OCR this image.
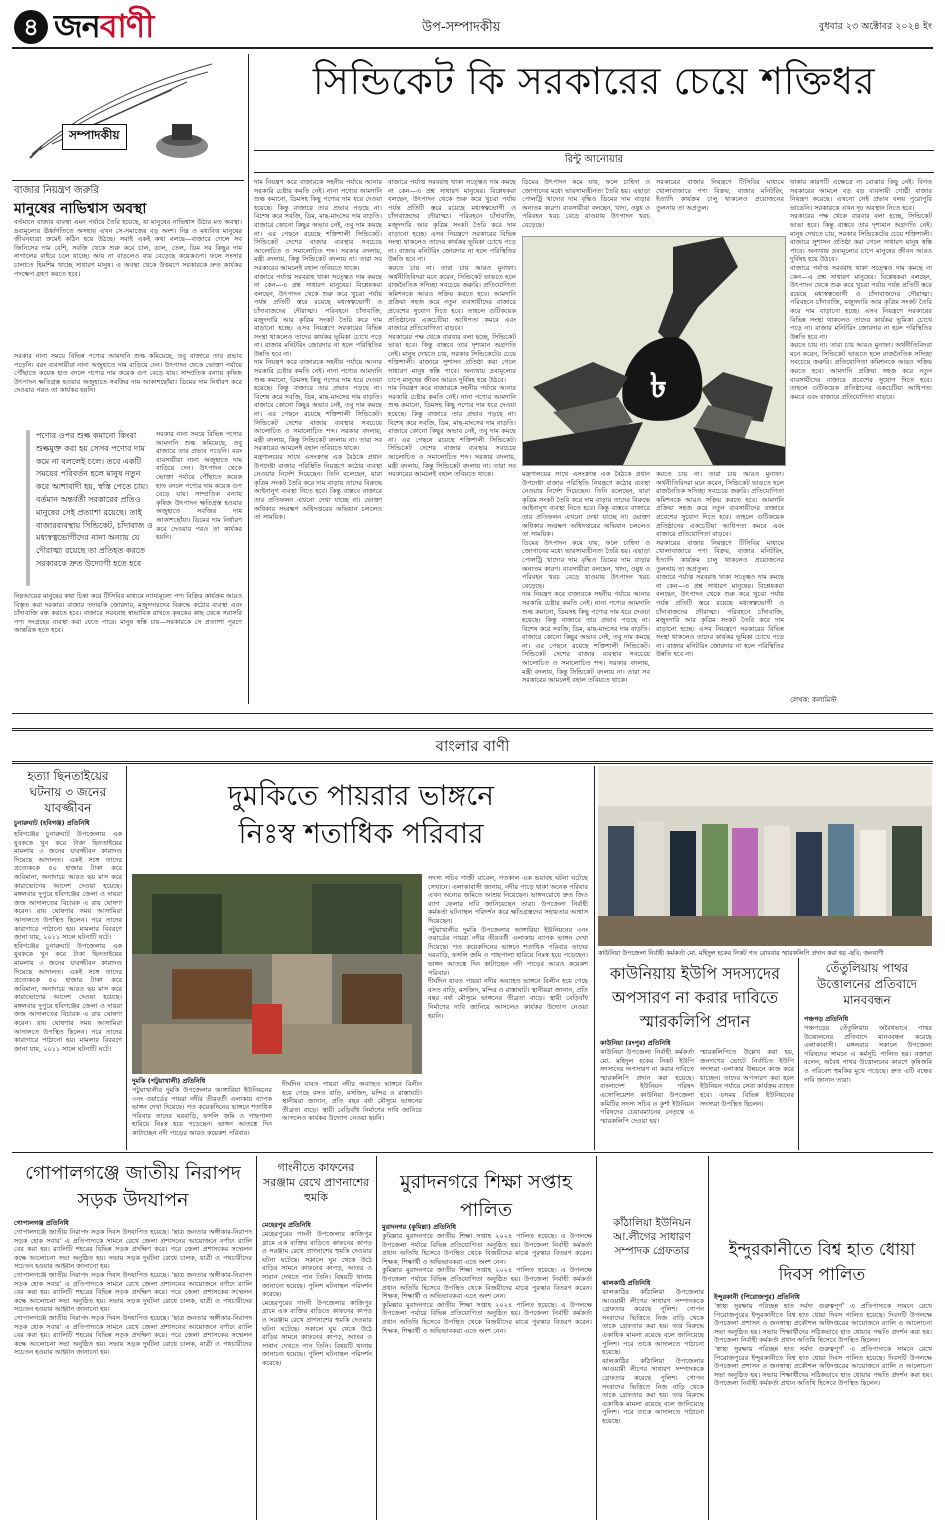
৪ জনবাণী	উপ-সম্পাদকীয়	বুধবার ২৩ অক্টোবর ২০২৪ ইং
সম্পাদকীয়
বাজার নিয়ন্ত্রণ জরুরি
মানুষের নাভিশ্বাস অবস্থা

বর্তমানে বাজার ব্যবস্থা এমন পর্যায়ে তৈরি হয়েছে, যা মানুষের নাভিশ্বাস উঠার মত অবস্থা। দ্রব্যমূল্যের ঊর্ধ্বগতিতে অসহায় এখন সে-সমাজের বড় অংশ। নিম্ন ও মধ্যবিত্ত মানুষের জীবনযাত্রা ক্রমেই কঠিন হয়ে উঠছে। সবাই একই কথা বলছে—বাজারে গেলে সব জিনিসের দাম বেশি, সবজি থেকে শুরু করে চাল, ডাল, তেল, ডিম সব কিছুর দাম নাগালের বাইরে চলে যাচ্ছে। আয় না বাড়লেও ব্যয় বেড়েছে কয়েকগুণ। ফলে সংসার চালাতে হিমশিম খাচ্ছে সাধারণ মানুষ। এ অবস্থা থেকে উত্তরণে সরকারকে দ্রুত কার্যকর পদক্ষেপ গ্রহণ করতে হবে।

সরকার নানা সময়ে বিভিন্ন পণ্যের আমদানি শুল্ক কমিয়েছে, তবু বাজারে তার প্রভাব পড়েনি। বরং ব্যবসায়ীরা নানা অজুহাতে দাম বাড়িয়ে দেন। উৎপাদন থেকে ভোক্তা পর্যায়ে পৌঁছাতে কয়েক হাত বদলে পণ্যের দাম কয়েক গুণ বেড়ে যায়। সাম্প্রতিক বন্যায় কৃষিজ উৎপাদন ক্ষতিগ্রস্ত হওয়ার অজুহাতে সবজির দাম আকাশছোঁয়া। ডিমের দাম নির্ধারণ করে দেওয়ার পরও তা কার্যকর হয়নি।

পণ্যের ওপর শুল্ক কমানো কিংবা শুল্কমুক্ত করা হয় সেসব পণ্যের দাম কমে না বললেই চলে। তবে একটি সময়ের পরিবর্তন হলে মানুষ নতুন করে আশাবাদী হয়, স্বস্তি পেতে চায়। বর্তমান অন্তর্বর্তী সরকারের প্রতিও মানুষের সেই প্রত্যাশা রয়েছে। তাই বাজারব্যবস্থায় সিন্ডিকেট, চাঁদাবাজ ও মধ্যস্বত্বভোগীদের নানা অন্যায় যে দৌরাত্ম্য রয়েছে তা প্রতিহত করতে সরকারকে দ্রুত উদ্যোগী হতে হবে

সরকার নানা সময়ে বিভিন্ন পণ্যের আমদানি শুল্ক কমিয়েছে, তবু বাজারে তার প্রভাব পড়েনি। বরং ব্যবসায়ীরা নানা অজুহাতে দাম বাড়িয়ে দেন। উৎপাদন থেকে ভোক্তা পর্যায়ে পৌঁছাতে কয়েক হাত বদলে পণ্যের দাম কয়েক গুণ বেড়ে যায়। সাম্প্রতিক বন্যায় কৃষিজ উৎপাদন ক্ষতিগ্রস্ত হওয়ার অজুহাতে সবজির দাম আকাশছোঁয়া। ডিমের দাম নির্ধারণ করে দেওয়ার পরও তা কার্যকর হয়নি।

নিম্নআয়ের মানুষের কথা চিন্তা করে টিসিবির মাধ্যমে ন্যায্যমূল্যে পণ্য বিক্রির কার্যক্রম আরও বিস্তৃত করা দরকার। বাজার তদারকি জোরদার, মজুদদারদের বিরুদ্ধে কঠোর ব্যবস্থা এবং চাঁদাবাজি বন্ধ করতে হবে। বাজারে সরবরাহ স্বাভাবিক রাখতে কৃষকের কাছ থেকে সরাসরি পণ্য সংগ্রহের ব্যবস্থা করা যেতে পারে। মানুষ স্বস্তি চায়—সরকারকে সে প্রত্যাশা পূরণে আন্তরিক হতে হবে।

সিন্ডিকেট কি সরকারের চেয়ে শক্তিধর
রিন্টু আনোয়ার

দাম নিয়ন্ত্রণ করে বাজারকে সহনীয় পর্যায়ে আনার সরকারি চেষ্টার কমতি নেই। নানা পণ্যের আমদানি শুল্ক কমানো, ডিমসহ কিছু পণ্যের দাম ধরে দেওয়া হয়েছে। কিন্তু বাজারে তার প্রভাব পড়ছে না। বিশেষ করে সবজি, ডিম, মাছ-মাংসের দাম বাড়তি। বাজারে কোনো কিছুর অভাব নেই, তবু দাম কমছে না। এর পেছনে রয়েছে শক্তিশালী সিন্ডিকেট। সিন্ডিকেট দেশের বাজার ব্যবস্থার সবচেয়ে আলোচিত ও সমালোচিত শব্দ। সরকার বদলায়, মন্ত্রী বদলায়, কিন্তু সিন্ডিকেট বদলায় না। তারা সব সরকারের আমলেই বহাল তবিয়তে থাকে।

বাজারে পর্যাপ্ত সরবরাহ থাকা সত্ত্বেও দাম কমছে না কেন—এ প্রশ্ন সাধারণ মানুষের। বিশ্লেষকরা বলছেন, উৎপাদন থেকে শুরু করে খুচরা পর্যায় পর্যন্ত প্রতিটি স্তরে রয়েছে মধ্যস্বত্বভোগী ও চাঁদাবাজদের দৌরাত্ম্য। পরিবহনে চাঁদাবাজি, মজুদদারি আর কৃত্রিম সংকট তৈরি করে দাম বাড়ানো হচ্ছে। এসব নিয়ন্ত্রণে সরকারের বিভিন্ন সংস্থা থাকলেও তাদের কার্যকর ভূমিকা চোখে পড়ে না। বাজার মনিটরিং জোরদার না হলে পরিস্থিতির উন্নতি হবে না।

দাম নিয়ন্ত্রণ করে বাজারকে সহনীয় পর্যায়ে আনার সরকারি চেষ্টার কমতি নেই। নানা পণ্যের আমদানি শুল্ক কমানো, ডিমসহ কিছু পণ্যের দাম ধরে দেওয়া হয়েছে। কিন্তু বাজারে তার প্রভাব পড়ছে না। বিশেষ করে সবজি, ডিম, মাছ-মাংসের দাম বাড়তি। বাজারে কোনো কিছুর অভাব নেই, তবু দাম কমছে না। এর পেছনে রয়েছে শক্তিশালী সিন্ডিকেট। সিন্ডিকেট দেশের বাজার ব্যবস্থার সবচেয়ে আলোচিত ও সমালোচিত শব্দ। সরকার বদলায়, মন্ত্রী বদলায়, কিন্তু সিন্ডিকেট বদলায় না। তারা সব সরকারের আমলেই বহাল তবিয়তে থাকে।

মন্ত্রণালয়ের সাথে এসংক্রান্ত এক বৈঠকে প্রধান উপদেষ্টা বাজার পরিস্থিতি নিয়ন্ত্রণে কঠোর ব্যবস্থা নেওয়ার নির্দেশ দিয়েছেন। তিনি বলেছেন, যারা কৃত্রিম সংকট তৈরি করে দাম বাড়ায় তাদের বিরুদ্ধে আইনানুগ ব্যবস্থা নিতে হবে। কিন্তু বাস্তবে বাজারে তার প্রতিফলন এখনো দেখা যাচ্ছে না। ভোক্তা অধিকার সংরক্ষণ অধিদপ্তরের অভিযান চললেও তা সাময়িক।

বাজারে পর্যাপ্ত সরবরাহ থাকা সত্ত্বেও দাম কমছে না কেন—এ প্রশ্ন সাধারণ মানুষের। বিশ্লেষকরা বলছেন, উৎপাদন থেকে শুরু করে খুচরা পর্যায় পর্যন্ত প্রতিটি স্তরে রয়েছে মধ্যস্বত্বভোগী ও চাঁদাবাজদের দৌরাত্ম্য। পরিবহনে চাঁদাবাজি, মজুদদারি আর কৃত্রিম সংকট তৈরি করে দাম বাড়ানো হচ্ছে। এসব নিয়ন্ত্রণে সরকারের বিভিন্ন সংস্থা থাকলেও তাদের কার্যকর ভূমিকা চোখে পড়ে না। বাজার মনিটরিং জোরদার না হলে পরিস্থিতির উন্নতি হবে না।

করতে চায় না। তারা চায় আরও মুনাফা। অর্থনীতিবিদরা মনে করেন, সিন্ডিকেট ভাঙতে হলে রাজনৈতিক সদিচ্ছা সবচেয়ে জরুরি। প্রতিযোগিতা কমিশনকে আরও সক্রিয় করতে হবে। আমদানি প্রক্রিয়া সহজ করে নতুন ব্যবসায়ীদের বাজারে প্রবেশের সুযোগ দিতে হবে। তাহলে গুটিকয়েক প্রতিষ্ঠানের একচেটিয়া আধিপত্য কমবে এবং বাজারে প্রতিযোগিতা বাড়বে।

সরকারের পক্ষ থেকে বারবার বলা হচ্ছে, সিন্ডিকেট ভাঙা হবে। কিন্তু বাস্তবে তার দৃশ্যমান অগ্রগতি নেই। মানুষ দেখতে চায়, সরকার সিন্ডিকেটের চেয়ে শক্তিশালী। বাজারে সুশাসন প্রতিষ্ঠা করা গেলে সাধারণ মানুষ স্বস্তি পাবে। অন্যথায় দ্রব্যমূল্যের চাপে মানুষের জীবন আরও দুর্বিষহ হয়ে উঠবে।

দাম নিয়ন্ত্রণ করে বাজারকে সহনীয় পর্যায়ে আনার সরকারি চেষ্টার কমতি নেই। নানা পণ্যের আমদানি শুল্ক কমানো, ডিমসহ কিছু পণ্যের দাম ধরে দেওয়া হয়েছে। কিন্তু বাজারে তার প্রভাব পড়ছে না। বিশেষ করে সবজি, ডিম, মাছ-মাংসের দাম বাড়তি। বাজারে কোনো কিছুর অভাব নেই, তবু দাম কমছে না। এর পেছনে রয়েছে শক্তিশালী সিন্ডিকেট। সিন্ডিকেট দেশের বাজার ব্যবস্থার সবচেয়ে আলোচিত ও সমালোচিত শব্দ। সরকার বদলায়, মন্ত্রী বদলায়, কিন্তু সিন্ডিকেট বদলায় না। তারা সব সরকারের আমলেই বহাল তবিয়তে থাকে।

ডিমের উৎপাদন কমে যায়, ফলে চাহিদা ও জোগানের মধ্যে ভারসাম্যহীনতা তৈরি হয়। এছাড়া পোলট্রি খাদ্যের দাম বৃদ্ধিও ডিমের দাম বাড়ার অন্যতম কারণ। ব্যবসায়ীরা বলছেন, খাদ্য, ওষুধ ও পরিবহন খরচ বেড়ে যাওয়ায় উৎপাদন খরচ বেড়েছে।

সরকারের বাজার নিয়ন্ত্রণে টিসিবির মাধ্যমে খোলাবাজারে পণ্য বিক্রয়, বাজার মনিটরিং, ইত্যাদি কার্যক্রম চালু থাকলেও প্রয়োজনের তুলনায় তা অপ্রতুল।

থাকার কারণটি এক্ষেত্রে না বোঝার কিছু নেই। বিগত সরকারের আমলে বড় বড় ব্যবসায়ী গোষ্ঠী বাজার নিয়ন্ত্রণ করেছে। এখনো সেই প্রভাব বলয় পুরোপুরি ভাঙেনি। সরকারকে এখন দৃঢ় অবস্থান নিতে হবে।

সরকারের পক্ষ থেকে বারবার বলা হচ্ছে, সিন্ডিকেট ভাঙা হবে। কিন্তু বাস্তবে তার দৃশ্যমান অগ্রগতি নেই। মানুষ দেখতে চায়, সরকার সিন্ডিকেটের চেয়ে শক্তিশালী। বাজারে সুশাসন প্রতিষ্ঠা করা গেলে সাধারণ মানুষ স্বস্তি পাবে। অন্যথায় দ্রব্যমূল্যের চাপে মানুষের জীবন আরও দুর্বিষহ হয়ে উঠবে।

বাজারে পর্যাপ্ত সরবরাহ থাকা সত্ত্বেও দাম কমছে না কেন—এ প্রশ্ন সাধারণ মানুষের। বিশ্লেষকরা বলছেন, উৎপাদন থেকে শুরু করে খুচরা পর্যায় পর্যন্ত প্রতিটি স্তরে রয়েছে মধ্যস্বত্বভোগী ও চাঁদাবাজদের দৌরাত্ম্য। পরিবহনে চাঁদাবাজি, মজুদদারি আর কৃত্রিম সংকট তৈরি করে দাম বাড়ানো হচ্ছে। এসব নিয়ন্ত্রণে সরকারের বিভিন্ন সংস্থা থাকলেও তাদের কার্যকর ভূমিকা চোখে পড়ে না। বাজার মনিটরিং জোরদার না হলে পরিস্থিতির উন্নতি হবে না।

করতে চায় না। তারা চায় আরও মুনাফা। অর্থনীতিবিদরা মনে করেন, সিন্ডিকেট ভাঙতে হলে রাজনৈতিক সদিচ্ছা সবচেয়ে জরুরি। প্রতিযোগিতা কমিশনকে আরও সক্রিয় করতে হবে। আমদানি প্রক্রিয়া সহজ করে নতুন ব্যবসায়ীদের বাজারে প্রবেশের সুযোগ দিতে হবে। তাহলে গুটিকয়েক প্রতিষ্ঠানের একচেটিয়া আধিপত্য কমবে এবং বাজারে প্রতিযোগিতা বাড়বে।

৳

মন্ত্রণালয়ের সাথে এসংক্রান্ত এক বৈঠকে প্রধান উপদেষ্টা বাজার পরিস্থিতি নিয়ন্ত্রণে কঠোর ব্যবস্থা নেওয়ার নির্দেশ দিয়েছেন। তিনি বলেছেন, যারা কৃত্রিম সংকট তৈরি করে দাম বাড়ায় তাদের বিরুদ্ধে আইনানুগ ব্যবস্থা নিতে হবে। কিন্তু বাস্তবে বাজারে তার প্রতিফলন এখনো দেখা যাচ্ছে না। ভোক্তা অধিকার সংরক্ষণ অধিদপ্তরের অভিযান চললেও তা সাময়িক।

ডিমের উৎপাদন কমে যায়, ফলে চাহিদা ও জোগানের মধ্যে ভারসাম্যহীনতা তৈরি হয়। এছাড়া পোলট্রি খাদ্যের দাম বৃদ্ধিও ডিমের দাম বাড়ার অন্যতম কারণ। ব্যবসায়ীরা বলছেন, খাদ্য, ওষুধ ও পরিবহন খরচ বেড়ে যাওয়ায় উৎপাদন খরচ বেড়েছে।

দাম নিয়ন্ত্রণ করে বাজারকে সহনীয় পর্যায়ে আনার সরকারি চেষ্টার কমতি নেই। নানা পণ্যের আমদানি শুল্ক কমানো, ডিমসহ কিছু পণ্যের দাম ধরে দেওয়া হয়েছে। কিন্তু বাজারে তার প্রভাব পড়ছে না। বিশেষ করে সবজি, ডিম, মাছ-মাংসের দাম বাড়তি। বাজারে কোনো কিছুর অভাব নেই, তবু দাম কমছে না। এর পেছনে রয়েছে শক্তিশালী সিন্ডিকেট। সিন্ডিকেট দেশের বাজার ব্যবস্থার সবচেয়ে আলোচিত ও সমালোচিত শব্দ। সরকার বদলায়, মন্ত্রী বদলায়, কিন্তু সিন্ডিকেট বদলায় না। তারা সব সরকারের আমলেই বহাল তবিয়তে থাকে।

করতে চায় না। তারা চায় আরও মুনাফা। অর্থনীতিবিদরা মনে করেন, সিন্ডিকেট ভাঙতে হলে রাজনৈতিক সদিচ্ছা সবচেয়ে জরুরি। প্রতিযোগিতা কমিশনকে আরও সক্রিয় করতে হবে। আমদানি প্রক্রিয়া সহজ করে নতুন ব্যবসায়ীদের বাজারে প্রবেশের সুযোগ দিতে হবে। তাহলে গুটিকয়েক প্রতিষ্ঠানের একচেটিয়া আধিপত্য কমবে এবং বাজারে প্রতিযোগিতা বাড়বে।

সরকারের বাজার নিয়ন্ত্রণে টিসিবির মাধ্যমে খোলাবাজারে পণ্য বিক্রয়, বাজার মনিটরিং, ইত্যাদি কার্যক্রম চালু থাকলেও প্রয়োজনের তুলনায় তা অপ্রতুল।

বাজারে পর্যাপ্ত সরবরাহ থাকা সত্ত্বেও দাম কমছে না কেন—এ প্রশ্ন সাধারণ মানুষের। বিশ্লেষকরা বলছেন, উৎপাদন থেকে শুরু করে খুচরা পর্যায় পর্যন্ত প্রতিটি স্তরে রয়েছে মধ্যস্বত্বভোগী ও চাঁদাবাজদের দৌরাত্ম্য। পরিবহনে চাঁদাবাজি, মজুদদারি আর কৃত্রিম সংকট তৈরি করে দাম বাড়ানো হচ্ছে। এসব নিয়ন্ত্রণে সরকারের বিভিন্ন সংস্থা থাকলেও তাদের কার্যকর ভূমিকা চোখে পড়ে না। বাজার মনিটরিং জোরদার না হলে পরিস্থিতির উন্নতি হবে না।

লেখক: কলামিস্ট
বাংলার বাণী
হত্যা ছিনতাইয়ের ঘটনায় ৩ জনের যাবজ্জীবন
চুনারুঘাট (হবিগঞ্জ) প্রতিনিধি

হবিগঞ্জের চুনারুঘাট উপজেলায় এক যুবককে খুন করে টাকা ছিনতাইয়ের মামলায় ৩ জনের যাবজ্জীবন কারাদণ্ড দিয়েছে আদালত। একই সঙ্গে তাদের প্রত্যেককে ৫০ হাজার টাকা করে জরিমানা, অনাদায়ে আরও ছয় মাস করে কারাভোগের আদেশ দেওয়া হয়েছে। মঙ্গলবার দুপুরে হবিগঞ্জের জেলা ও দায়রা জজ আদালতের বিচারক এ রায় ঘোষণা করেন। রায় ঘোষণার সময় আসামিরা আদালতে উপস্থিত ছিলেন। পরে তাদের কারাগারে পাঠানো হয়। মামলার বিবরণে জানা যায়, ২০১১ সালে ঘটনাটি ঘটে।

হবিগঞ্জের চুনারুঘাট উপজেলায় এক যুবককে খুন করে টাকা ছিনতাইয়ের মামলায় ৩ জনের যাবজ্জীবন কারাদণ্ড দিয়েছে আদালত। একই সঙ্গে তাদের প্রত্যেককে ৫০ হাজার টাকা করে জরিমানা, অনাদায়ে আরও ছয় মাস করে কারাভোগের আদেশ দেওয়া হয়েছে। মঙ্গলবার দুপুরে হবিগঞ্জের জেলা ও দায়রা জজ আদালতের বিচারক এ রায় ঘোষণা করেন। রায় ঘোষণার সময় আসামিরা আদালতে উপস্থিত ছিলেন। পরে তাদের কারাগারে পাঠানো হয়। মামলার বিবরণে জানা যায়, ২০১১ সালে ঘটনাটি ঘটে।

দুমকিতে পায়রার ভাঙ্গনে
নিঃস্ব শতাধিক পরিবার
দুমকি (পটুয়াখালী) প্রতিনিধি

পটুয়াখালীর দুমকি উপজেলার আঙ্গারিয়া ইউনিয়নের ৩নং ওয়ার্ডের পায়রা নদীর তীরবর্তী এলাকায় ব্যাপক ভাঙ্গন দেখা দিয়েছে। গত কয়েকদিনের ভাঙ্গনে শতাধিক পরিবার তাদের ঘরবাড়ি, ফসলি জমি ও গাছপালা হারিয়ে নিঃস্ব হয়ে পড়েছেন। ভাঙ্গন আতঙ্কে দিন কাটাচ্ছেন নদী পাড়ের আরও কয়েকশ পরিবার।

দীর্ঘদিন যাবত পায়রা নদীর অব্যাহত ভাঙ্গনে বিলীন হয়ে গেছে বসত বাড়ি, মসজিদ, মন্দির ও রাস্তাঘাট। স্থানীয়রা জানান, প্রতি বছর বর্ষা মৌসুমে ভাঙ্গনের তীব্রতা বাড়ে। স্থায়ী বেড়িবাঁধ নির্মাণের দাবি জানিয়ে আসলেও কার্যকর উদ্যোগ নেওয়া হয়নি।

সদস্য সচিব গাজী বাবেল, গতকাল এক ভয়াবহ ঘটনা ঘটেছে সেখানে। এলাকাবাসী জানায়, নদীর পাড়ে থাকা অনেক পরিবার এখন অন্যের জমিতে আশ্রয় নিয়েছেন। ভাঙ্গনরোধে দ্রুত জিও ব্যাগ ফেলার দাবি জানিয়েছেন তারা। উপজেলা নির্বাহী কর্মকর্তা ঘটনাস্থল পরিদর্শন করে ক্ষতিগ্রস্তদের সহায়তার আশ্বাস দিয়েছেন।

পটুয়াখালীর দুমকি উপজেলার আঙ্গারিয়া ইউনিয়নের ৩নং ওয়ার্ডের পায়রা নদীর তীরবর্তী এলাকায় ব্যাপক ভাঙ্গন দেখা দিয়েছে। গত কয়েকদিনের ভাঙ্গনে শতাধিক পরিবার তাদের ঘরবাড়ি, ফসলি জমি ও গাছপালা হারিয়ে নিঃস্ব হয়ে পড়েছেন। ভাঙ্গন আতঙ্কে দিন কাটাচ্ছেন নদী পাড়ের আরও কয়েকশ পরিবার।

দীর্ঘদিন যাবত পায়রা নদীর অব্যাহত ভাঙ্গনে বিলীন হয়ে গেছে বসত বাড়ি, মসজিদ, মন্দির ও রাস্তাঘাট। স্থানীয়রা জানান, প্রতি বছর বর্ষা মৌসুমে ভাঙ্গনের তীব্রতা বাড়ে। স্থায়ী বেড়িবাঁধ নির্মাণের দাবি জানিয়ে আসলেও কার্যকর উদ্যোগ নেওয়া হয়নি।

কাউনিয়া উপজেলা নির্বাহী কর্মকর্তা মো. মহিদুল হকের নিকট গত রোববার স্মারকলিপি প্রদান করা হয় -ছবি: জনবাণী
কাউনিয়ায় ইউপি সদস্যদের
অপসারণ না করার দাবিতে
স্মারকলিপি প্রদান
কাউনিয়া (রংপুর) প্রতিনিধি

কাউনিয়া উপজেলা নির্বাহী কর্মকর্তা মো. মহিদুল হকের নিকট ইউপি সদস্যদের অপসারণ না করার দাবিতে স্মারকলিপি প্রদান করা হয়েছে। বাংলাদেশ ইউনিয়ন পরিষদ এসোসিয়েশন কাউনিয়া উপজেলা কমিটির সদস্য সচিব ও কুর্শা ইউনিয়ন পরিষদের চেয়ারম্যানের নেতৃত্বে এ স্মারকলিপি দেওয়া হয়।

স্মারকলিপিতে উল্লেখ করা হয়, জনগণের ভোটে নির্বাচিত ইউপি সদস্যরা এলাকার উন্নয়নে কাজ করে যাচ্ছেন। তাদের অপসারণ করা হলে ইউনিয়ন পর্যায়ে সেবা কার্যক্রম ব্যাহত হবে। এসময় বিভিন্ন ইউনিয়নের সদস্যরা উপস্থিত ছিলেন।

তেঁতুলিয়ায় পাথর উত্তোলনের প্রতিবাদে মানববন্ধন
পঞ্চগড় প্রতিনিধি

পঞ্চগড়ের তেঁতুলিয়ায় অবৈধভাবে পাথর উত্তোলনের প্রতিবাদে মানববন্ধন করেছে এলাকাবাসী। মঙ্গলবার সকালে উপজেলা পরিষদের সামনে এ কর্মসূচি পালিত হয়। বক্তারা বলেন, অবৈধ পাথর উত্তোলনের কারণে কৃষিজমি ও পরিবেশ হুমকির মুখে পড়েছে। দ্রুত এটি বন্ধের দাবি জানান তারা।

গোপালগঞ্জে জাতীয় নিরাপদ সড়ক উদযাপন
গোপালগঞ্জ প্রতিনিধি

গোপালগঞ্জে জাতীয় নিরাপদ সড়ক দিবস উদযাপিত হয়েছে। ‘ছাত্র জনতার অঙ্গীকার-নিরাপদ সড়ক হোক সবার’ এ প্রতিপাদ্যকে সামনে রেখে জেলা প্রশাসনের আয়োজনে বর্ণাঢ্য র‍্যালি বের করা হয়। র‍্যালিটি শহরের বিভিন্ন সড়ক প্রদক্ষিণ করে। পরে জেলা প্রশাসকের সম্মেলন কক্ষে আলোচনা সভা অনুষ্ঠিত হয়। সভায় সড়ক দুর্ঘটনা রোধে চালক, যাত্রী ও পথচারীদের সচেতন হওয়ার আহ্বান জানানো হয়।

গোপালগঞ্জে জাতীয় নিরাপদ সড়ক দিবস উদযাপিত হয়েছে। ‘ছাত্র জনতার অঙ্গীকার-নিরাপদ সড়ক হোক সবার’ এ প্রতিপাদ্যকে সামনে রেখে জেলা প্রশাসনের আয়োজনে বর্ণাঢ্য র‍্যালি বের করা হয়। র‍্যালিটি শহরের বিভিন্ন সড়ক প্রদক্ষিণ করে। পরে জেলা প্রশাসকের সম্মেলন কক্ষে আলোচনা সভা অনুষ্ঠিত হয়। সভায় সড়ক দুর্ঘটনা রোধে চালক, যাত্রী ও পথচারীদের সচেতন হওয়ার আহ্বান জানানো হয়।

গোপালগঞ্জে জাতীয় নিরাপদ সড়ক দিবস উদযাপিত হয়েছে। ‘ছাত্র জনতার অঙ্গীকার-নিরাপদ সড়ক হোক সবার’ এ প্রতিপাদ্যকে সামনে রেখে জেলা প্রশাসনের আয়োজনে বর্ণাঢ্য র‍্যালি বের করা হয়। র‍্যালিটি শহরের বিভিন্ন সড়ক প্রদক্ষিণ করে। পরে জেলা প্রশাসকের সম্মেলন কক্ষে আলোচনা সভা অনুষ্ঠিত হয়। সভায় সড়ক দুর্ঘটনা রোধে চালক, যাত্রী ও পথচারীদের সচেতন হওয়ার আহ্বান জানানো হয়।

গাংনীতে কাফনের সরঞ্জাম রেখে প্রাণনাশের হুমকি
মেহেরপুর প্রতিনিধি

মেহেরপুরের গাংনী উপজেলার কাজিপুর গ্রামে এক ব্যক্তির বাড়িতে কাফনের কাপড় ও সরঞ্জাম রেখে প্রাণনাশের হুমকি দেওয়ার ঘটনা ঘটেছে। সকালে ঘুম থেকে উঠে বাড়ির সামনে কাফনের কাপড়, আতর ও সাবান দেখতে পান তিনি। বিষয়টি থানায় জানানো হয়েছে। পুলিশ ঘটনাস্থল পরিদর্শন করেছে।

মেহেরপুরের গাংনী উপজেলার কাজিপুর গ্রামে এক ব্যক্তির বাড়িতে কাফনের কাপড় ও সরঞ্জাম রেখে প্রাণনাশের হুমকি দেওয়ার ঘটনা ঘটেছে। সকালে ঘুম থেকে উঠে বাড়ির সামনে কাফনের কাপড়, আতর ও সাবান দেখতে পান তিনি। বিষয়টি থানায় জানানো হয়েছে। পুলিশ ঘটনাস্থল পরিদর্শন করেছে।

মুরাদনগরে শিক্ষা সপ্তাহ পালিত
মুরাদনগর (কুমিল্লা) প্রতিনিধি

কুমিল্লার মুরাদনগরে জাতীয় শিক্ষা সপ্তাহ ২০২৪ পালিত হয়েছে। এ উপলক্ষে উপজেলা পর্যায়ে বিভিন্ন প্রতিযোগিতা অনুষ্ঠিত হয়। উপজেলা নির্বাহী কর্মকর্তা প্রধান অতিথি হিসেবে উপস্থিত থেকে বিজয়ীদের মাঝে পুরস্কার বিতরণ করেন। শিক্ষক, শিক্ষার্থী ও অভিভাবকরা এতে অংশ নেন।

কুমিল্লার মুরাদনগরে জাতীয় শিক্ষা সপ্তাহ ২০২৪ পালিত হয়েছে। এ উপলক্ষে উপজেলা পর্যায়ে বিভিন্ন প্রতিযোগিতা অনুষ্ঠিত হয়। উপজেলা নির্বাহী কর্মকর্তা প্রধান অতিথি হিসেবে উপস্থিত থেকে বিজয়ীদের মাঝে পুরস্কার বিতরণ করেন। শিক্ষক, শিক্ষার্থী ও অভিভাবকরা এতে অংশ নেন।

কুমিল্লার মুরাদনগরে জাতীয় শিক্ষা সপ্তাহ ২০২৪ পালিত হয়েছে। এ উপলক্ষে উপজেলা পর্যায়ে বিভিন্ন প্রতিযোগিতা অনুষ্ঠিত হয়। উপজেলা নির্বাহী কর্মকর্তা প্রধান অতিথি হিসেবে উপস্থিত থেকে বিজয়ীদের মাঝে পুরস্কার বিতরণ করেন। শিক্ষক, শিক্ষার্থী ও অভিভাবকরা এতে অংশ নেন।

কাঁঠালিয়া ইউনিয়ন আ.লীগের সাধারণ সম্পাদক গ্রেফতার
ঝালকাঠি প্রতিনিধি

ঝালকাঠির কাঁঠালিয়া উপজেলার আওয়ামী লীগের সাধারণ সম্পাদককে গ্রেফতার করেছে পুলিশ। গোপন সংবাদের ভিত্তিতে নিজ বাড়ি থেকে তাকে গ্রেফতার করা হয়। তার বিরুদ্ধে একাধিক মামলা রয়েছে বলে জানিয়েছে পুলিশ। পরে তাকে আদালতে পাঠানো হয়েছে।

ঝালকাঠির কাঁঠালিয়া উপজেলার আওয়ামী লীগের সাধারণ সম্পাদককে গ্রেফতার করেছে পুলিশ। গোপন সংবাদের ভিত্তিতে নিজ বাড়ি থেকে তাকে গ্রেফতার করা হয়। তার বিরুদ্ধে একাধিক মামলা রয়েছে বলে জানিয়েছে পুলিশ। পরে তাকে আদালতে পাঠানো হয়েছে।

ইন্দুরকানীতে বিশ্ব হাত ধোয়া দিবস পালিত
ইন্দুরকানী (পিরোজপুর) প্রতিনিধি

‘স্বাস্থ্য সুরক্ষায় পরিচ্ছন্ন হাত সর্বদা গুরুত্বপূর্ণ’ এ প্রতিপাদ্যকে সামনে রেখে পিরোজপুরের ইন্দুরকানীতে বিশ্ব হাত ধোয়া দিবস পালিত হয়েছে। দিবসটি উপলক্ষে উপজেলা প্রশাসন ও জনস্বাস্থ্য প্রকৌশল অধিদপ্তরের আয়োজনে র‍্যালি ও আলোচনা সভা অনুষ্ঠিত হয়। সভায় শিক্ষার্থীদের সঠিকভাবে হাত ধোয়ার পদ্ধতি প্রদর্শন করা হয়। উপজেলা নির্বাহী কর্মকর্তা প্রধান অতিথি হিসেবে উপস্থিত ছিলেন।

‘স্বাস্থ্য সুরক্ষায় পরিচ্ছন্ন হাত সর্বদা গুরুত্বপূর্ণ’ এ প্রতিপাদ্যকে সামনে রেখে পিরোজপুরের ইন্দুরকানীতে বিশ্ব হাত ধোয়া দিবস পালিত হয়েছে। দিবসটি উপলক্ষে উপজেলা প্রশাসন ও জনস্বাস্থ্য প্রকৌশল অধিদপ্তরের আয়োজনে র‍্যালি ও আলোচনা সভা অনুষ্ঠিত হয়। সভায় শিক্ষার্থীদের সঠিকভাবে হাত ধোয়ার পদ্ধতি প্রদর্শন করা হয়। উপজেলা নির্বাহী কর্মকর্তা প্রধান অতিথি হিসেবে উপস্থিত ছিলেন।
